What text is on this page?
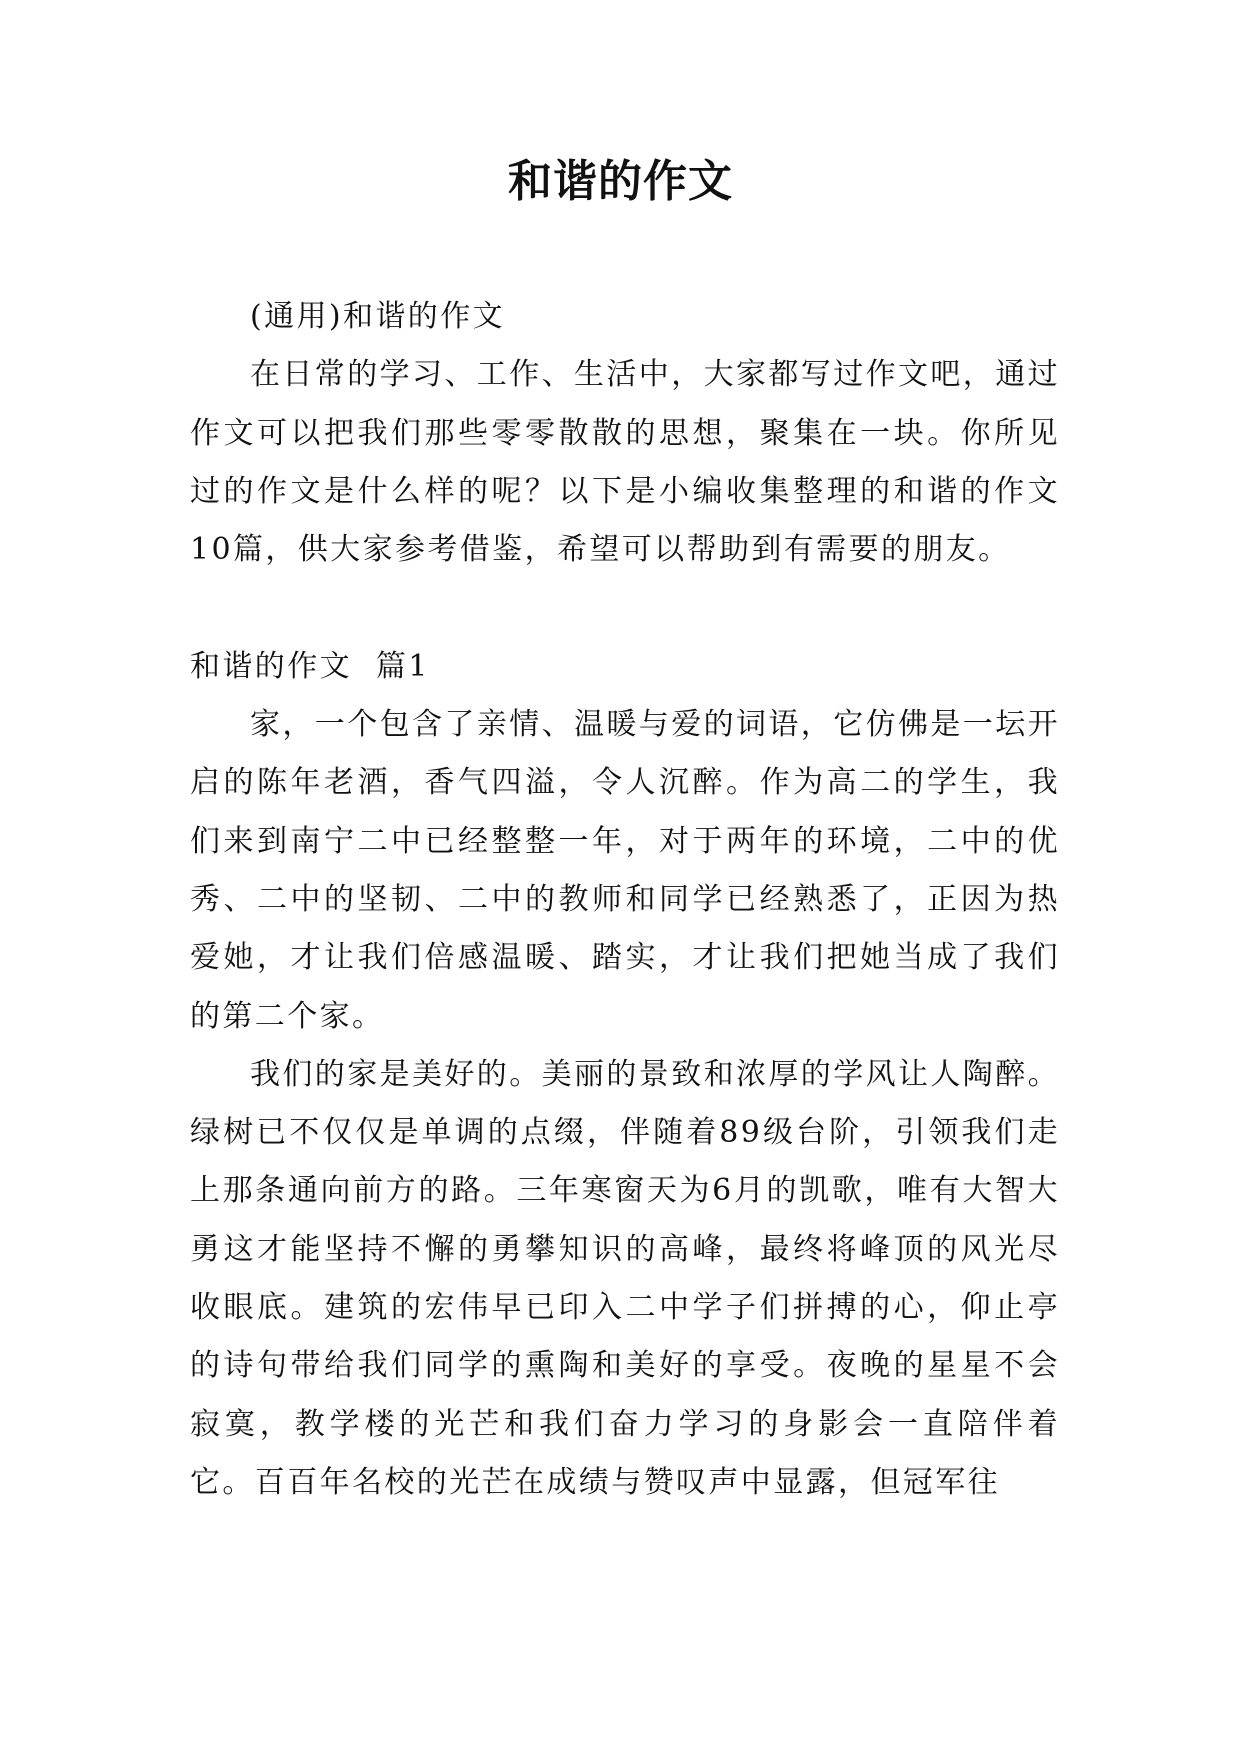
和谐的作文

(通用)和谐的作文

在日常的学习、工作、生活中，大家都写过作文吧，通过作文可以把我们那些零零散散的思想，聚集在一块。你所见过的作文是什么样的呢？以下是小编收集整理的和谐的作文10篇，供大家参考借鉴，希望可以帮助到有需要的朋友。

和谐的作文  篇1

家，一个包含了亲情、温暖与爱的词语，它仿佛是一坛开启的陈年老酒，香气四溢，令人沉醉。作为高二的学生，我们来到南宁二中已经整整一年，对于两年的环境，二中的优秀、二中的坚韧、二中的教师和同学已经熟悉了，正因为热爱她，才让我们倍感温暖、踏实，才让我们把她当成了我们的第二个家。

我们的家是美好的。美丽的景致和浓厚的学风让人陶醉。绿树已不仅仅是单调的点缀，伴随着89级台阶，引领我们走上那条通向前方的路。三年寒窗天为6月的凯歌，唯有大智大勇这才能坚持不懈的勇攀知识的高峰，最终将峰顶的风光尽收眼底。建筑的宏伟早已印入二中学子们拼搏的心，仰止亭的诗句带给我们同学的熏陶和美好的享受。夜晚的星星不会寂寞，教学楼的光芒和我们奋力学习的身影会一直陪伴着它。百百年名校的光芒在成绩与赞叹声中显露，但冠军往
